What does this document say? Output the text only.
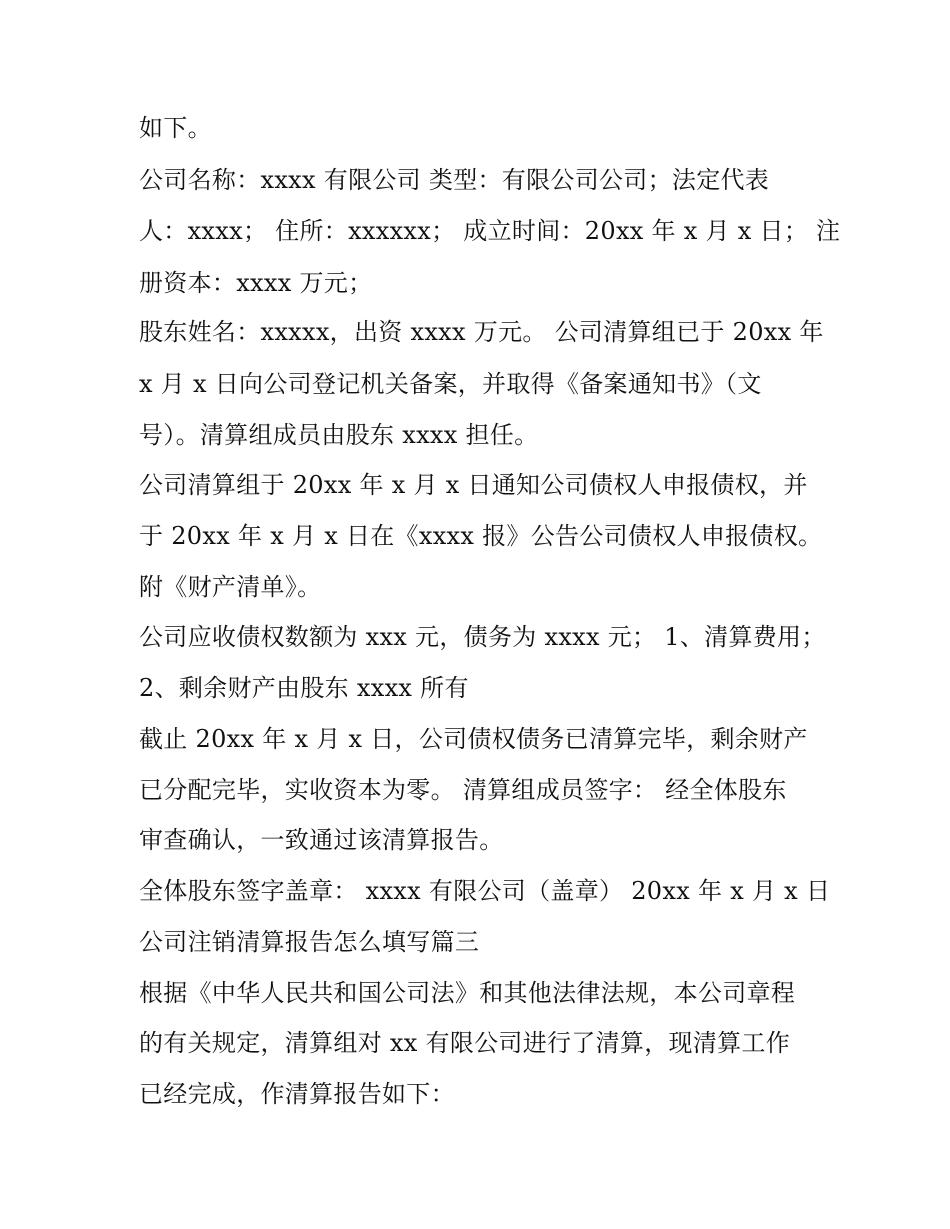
如下。
公司名称：xxxx 有限公司 类型：有限公司公司；法定代表
人：xxxx； 住所：xxxxxx； 成立时间：20xx 年 x 月 x 日； 注
册资本：xxxx 万元；
股东姓名：xxxxx，出资 xxxx 万元。 公司清算组已于 20xx 年
x 月 x 日向公司登记机关备案，并取得《备案通知书》（文
号）。清算组成员由股东 xxxx 担任。
公司清算组于 20xx 年 x 月 x 日通知公司债权人申报债权，并
于 20xx 年 x 月 x 日在《xxxx 报》公告公司债权人申报债权。
附《财产清单》。
公司应收债权数额为 xxx 元，债务为 xxxx 元； 1、清算费用；
2、剩余财产由股东 xxxx 所有
截止 20xx 年 x 月 x 日，公司债权债务已清算完毕，剩余财产
已分配完毕，实收资本为零。 清算组成员签字： 经全体股东
审查确认，一致通过该清算报告。
全体股东签字盖章： xxxx 有限公司（盖章） 20xx 年 x 月 x 日
公司注销清算报告怎么填写篇三
根据《中华人民共和国公司法》和其他法律法规，本公司章程
的有关规定，清算组对 xx 有限公司进行了清算，现清算工作
已经完成，作清算报告如下：
